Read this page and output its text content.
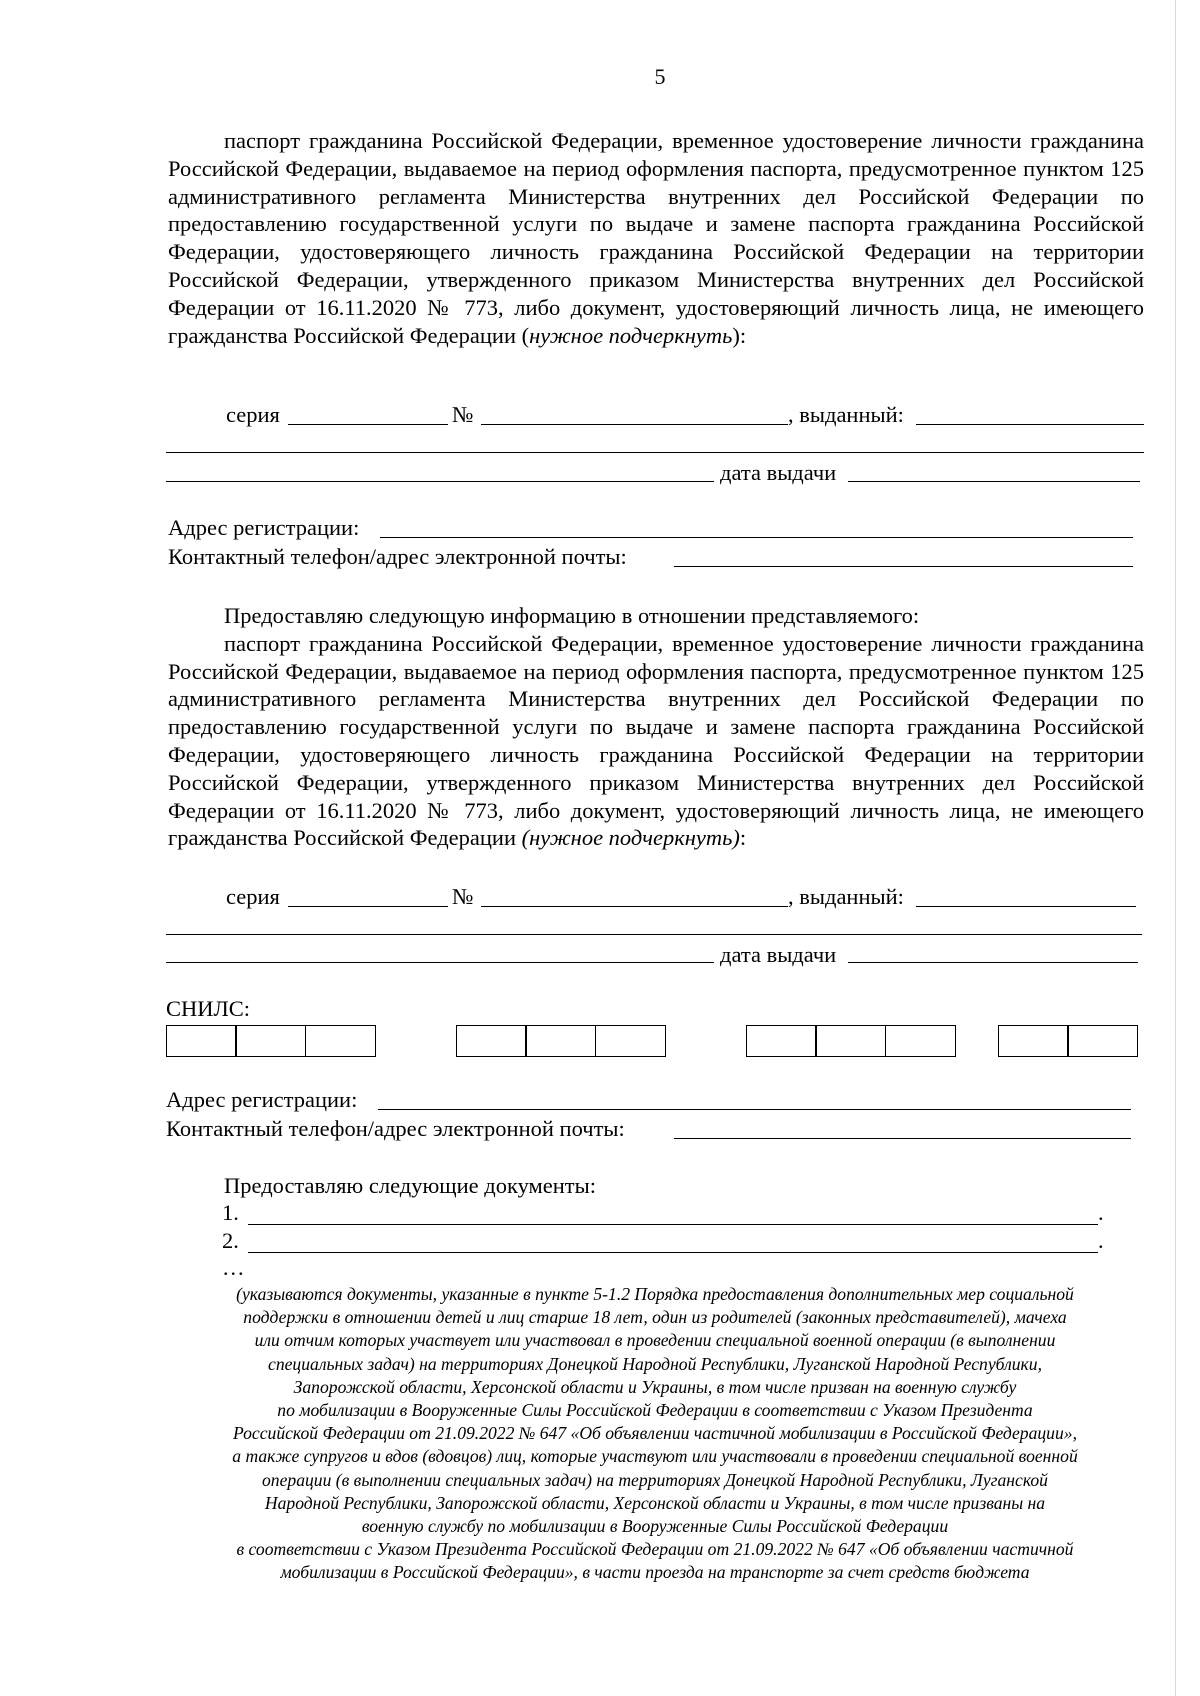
5

паспорт гражданина Российской Федерации, временное удостоверение личности гражданина Российской Федерации, выдаваемое на период оформления паспорта, предусмотренное пунктом 125 административного регламента Министерства внутренних дел Российской Федерации по предоставлению государственной услуги по выдаче и замене паспорта гражданина Российской Федерации, удостоверяющего личность гражданина Российской Федерации на территории Российской Федерации, утвержденного приказом Министерства внутренних дел Российской Федерации от 16.11.2020 № 773, либо документ, удостоверяющий личность лица, не имеющего гражданства Российской Федерации (нужное подчеркнуть):

серия	№	, выданный:
дата выдачи
Адрес регистрации:
Контактный телефон/адрес электронной почты:

Предоставляю следующую информацию в отношении представляемого:

паспорт гражданина Российской Федерации, временное удостоверение личности гражданина Российской Федерации, выдаваемое на период оформления паспорта, предусмотренное пунктом 125 административного регламента Министерства внутренних дел Российской Федерации по предоставлению государственной услуги по выдаче и замене паспорта гражданина Российской Федерации, удостоверяющего личность гражданина Российской Федерации на территории Российской Федерации, утвержденного приказом Министерства внутренних дел Российской Федерации от 16.11.2020 № 773, либо документ, удостоверяющий личность лица, не имеющего гражданства Российской Федерации (нужное подчеркнуть):

серия	№	, выданный:
дата выдачи
СНИЛС:
Адрес регистрации:
Контактный телефон/адрес электронной почты:
Предоставляю следующие документы:
1.	.
2.	.
…

(указываются документы, указанные в пункте 5-1.2 Порядка предоставления дополнительных мер социальной

поддержки в отношении детей и лиц старше 18 лет, один из родителей (законных представителей), мачеха

или отчим которых участвует или участвовал в проведении специальной военной операции (в выполнении

специальных задач) на территориях Донецкой Народной Республики, Луганской Народной Республики,

Запорожской области, Херсонской области и Украины, в том числе призван на военную службу

по мобилизации в Вооруженные Силы Российской Федерации в соответствии с Указом Президента

Российской Федерации от 21.09.2022 № 647 «Об объявлении частичной мобилизации в Российской Федерации»,

а также супругов и вдов (вдовцов) лиц, которые участвуют или участвовали в проведении специальной военной

операции (в выполнении специальных задач) на территориях Донецкой Народной Республики, Луганской

Народной Республики, Запорожской области, Херсонской области и Украины, в том числе призваны на

военную службу по мобилизации в Вооруженные Силы Российской Федерации

в соответствии с Указом Президента Российской Федерации от 21.09.2022 № 647 «Об объявлении частичной

мобилизации в Российской Федерации», в части проезда на транспорте за счет средств бюджета
